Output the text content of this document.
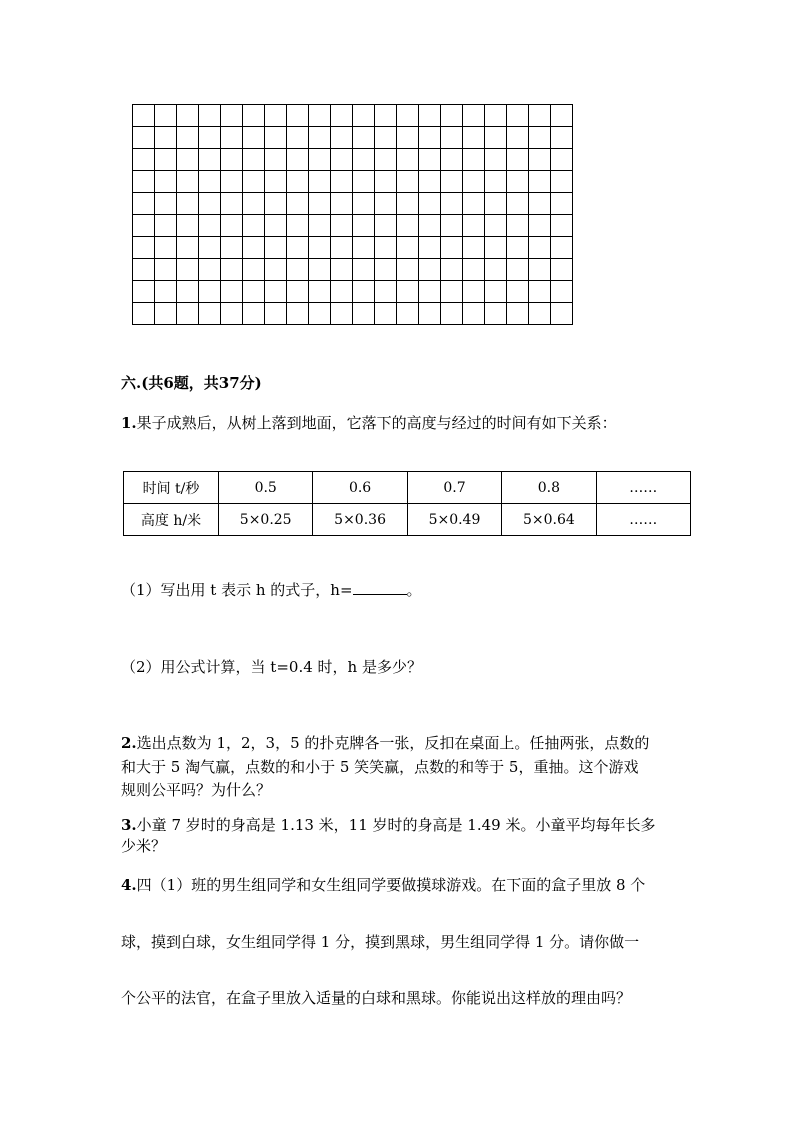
六.(共6题，共37分)
1.果子成熟后，从树上落到地面，它落下的高度与经过的时间有如下关系：
时间 t/秒	0.5	0.6	0.7	0.8	……
高度 h/米	5×0.25	5×0.36	5×0.49	5×0.64	……
（1）写出用 t 表示 h 的式子，h=	。
（2）用公式计算，当 t=0.4 时，h 是多少？
2.选出点数为 1，2，3，5 的扑克牌各一张，反扣在桌面上。任抽两张，点数的
和大于 5 淘气赢，点数的和小于 5 笑笑赢，点数的和等于 5，重抽。这个游戏
规则公平吗？为什么？
3.小童 7 岁时的身高是 1.13 米，11 岁时的身高是 1.49 米。小童平均每年长多
少米？
4.四（1）班的男生组同学和女生组同学要做摸球游戏。在下面的盒子里放 8 个
球，摸到白球，女生组同学得 1 分，摸到黑球，男生组同学得 1 分。请你做一
个公平的法官，在盒子里放入适量的白球和黑球。你能说出这样放的理由吗？
